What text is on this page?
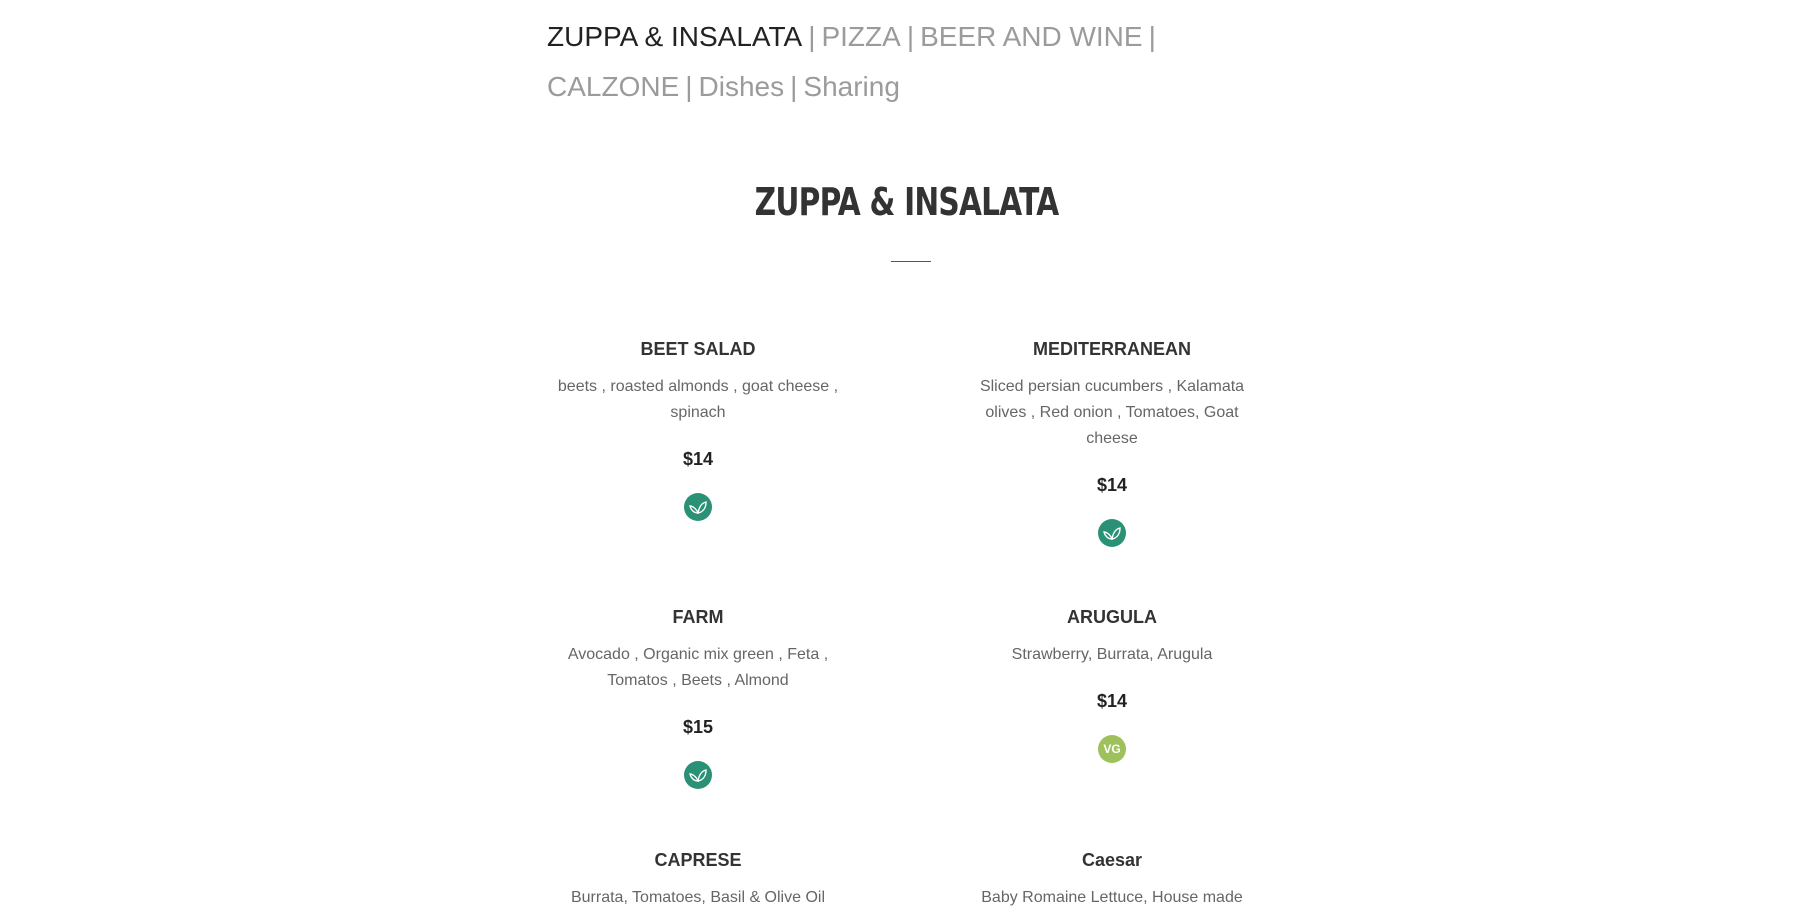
ZUPPA & INSALATA | PIZZA | BEER AND WINE |
CALZONE | Dishes | Sharing
ZUPPA & INSALATA
BEET SALAD
beets , roasted almonds , goat cheese , spinach
$14
MEDITERRANEAN
Sliced persian cucumbers , Kalamata olives , Red onion , Tomatoes, Goat cheese
$14
FARM
Avocado , Organic mix green , Feta , Tomatos , Beets , Almond
$15
ARUGULA
Strawberry, Burrata, Arugula
$14
VG
CAPRESE
Burrata, Tomatoes, Basil & Olive Oil
Caesar
Baby Romaine Lettuce, House made
